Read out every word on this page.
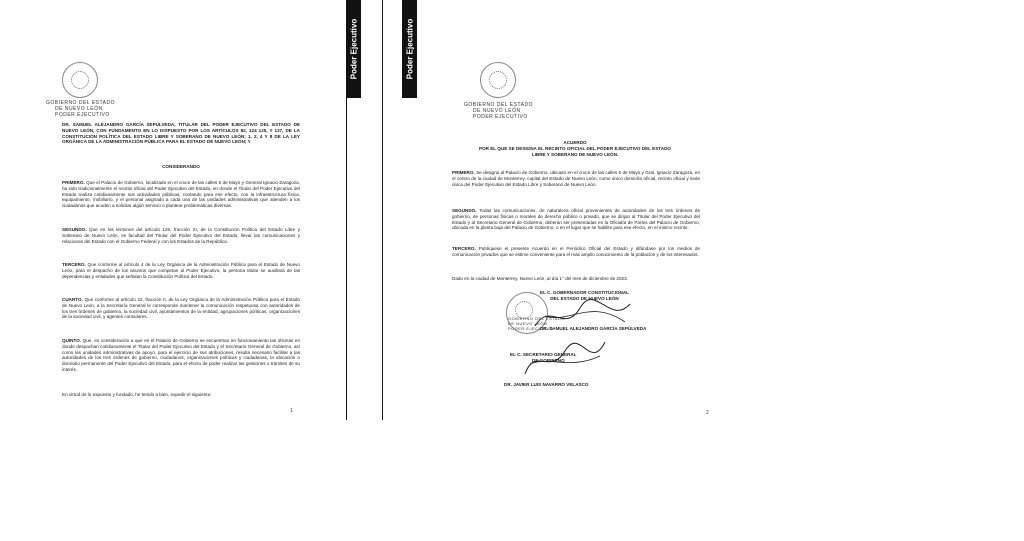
GOBIERNO DEL ESTADO
DE NUEVO LEÓN
PODER EJECUTIVO
DR. SAMUEL ALEJANDRO GARCÍA SEPÚLVEDA, TITULAR DEL PODER EJECUTIVO DEL ESTADO DE NUEVO LEÓN, CON FUNDAMENTO EN LO DISPUESTO POR LOS ARTÍCULOS 82, 124 125, Y 127, DE LA CONSTITUCIÓN POLÍTICA DEL ESTADO LIBRE Y SOBERANO DE NUEVO LEÓN; 1, 2, 4 Y 8 DE LA LEY ORGÁNICA DE LA ADMINISTRACIÓN PÚBLICA PARA EL ESTADO DE NUEVO LEÓN; Y
CONSIDERANDO
PRIMERO. Que el Palacio de Gobierno, localizado en el cruce de las calles 5 de Mayo y General Ignacio Zaragoza, ha sido tradicionalmente el recinto oficial del Poder Ejecutivo del Estado, en donde el Titular del Poder Ejecutivo del Estado realiza cotidianamente sus actividades públicas, contando para ese efecto, con la infraestructura física, equipamiento, mobiliario, y el personal asignado a cada una de las unidades administrativas que atienden a los ciudadanos que acuden a solicitar algún servicio o plantear problemáticas diversas.
SEGUNDO. Que en los términos del artículo 125, fracción XI, de la Constitución Política del Estado Libre y Soberano de Nuevo León, es facultad del Titular del Poder Ejecutivo del Estado, llevar las comunicaciones y relaciones del Estado con el Gobierno Federal y con los Estados de la República.
TERCERO. Que conforme al artículo 4 de la Ley Orgánica de la Administración Pública para el Estado de Nuevo León, para el despacho de los asuntos que competan al Poder Ejecutivo, la persona titular se auxiliará de las dependencias y entidades que señalan la Constitución Política del Estado.
CUARTO. Que conforme al artículo 22, fracción II, de la Ley Orgánica de la Administración Pública para el Estado de Nuevo León, a la Secretaría General le corresponde mantener la comunicación respetuosa con autoridades de los tres órdenes de gobierno, la sociedad civil, ayuntamientos de la entidad, agrupaciones políticas, organizaciones de la sociedad civil, y agentes consulares.
QUINTO. Que, en consideración a que en el Palacio de Gobierno se encuentran en funcionamiento las oficinas en donde despachan cotidianamente el Titular del Poder Ejecutivo del Estado y el Secretario General de Gobierno, así como las unidades administrativas de apoyo, para el ejercicio de sus atribuciones, resulta necesario facilitar a las autoridades de los tres órdenes de gobierno, ciudadanos, organizaciones políticas y ciudadanas, la ubicación o domicilio permanente del Poder Ejecutivo del Estado, para el efecto de poder realizar las gestiones o trámites de su interés.
En virtud de lo expuesto y fundado, he tenido a bien, expedir el siguiente:
1
Poder Ejecutivo	Poder Ejecutivo
GOBIERNO DEL ESTADO
DE NUEVO LEÓN
PODER EJECUTIVO
ACUERDO
POR EL QUE SE DESIGNA EL RECINTO OFICIAL DEL PODER EJECUTIVO DEL ESTADO
LIBRE Y SOBERANO DE NUEVO LEÓN.
PRIMERO. Se designa al Palacio de Gobierno, ubicado en el cruce de las calles 5 de Mayo y Gral. Ignacio Zaragoza, en el centro de la ciudad de Monterrey, capital del Estado de Nuevo León, como único domicilio oficial, recinto oficial y sede única del Poder Ejecutivo del Estado Libre y Soberano de Nuevo León.
SEGUNDO. Todas las comunicaciones, de naturaleza oficial provenientes de autoridades de los tres órdenes de gobierno, de personas físicas o morales de derecho público o privado, que se dirijan al Titular del Poder Ejecutivo del Estado y al Secretario General de Gobierno, deberán ser presentadas en la Oficialía de Partes del Palacio de Gobierno, ubicada en la planta baja del Palacio de Gobierno, o en el lugar que se habilite para ese efecto, en el mismo recinto.
TERCERO. Publíquese el presente Acuerdo en el Periódico Oficial del Estado y difúndase por los medios de comunicación privados que se estime conveniente para el más amplio conocimiento de la población y de los interesados.
Dado en la ciudad de Monterrey, Nuevo León, al día 1° del mes de diciembre de 2023.
EL C. GOBERNADOR CONSTITUCIONAL
DEL ESTADO DE NUEVO LEÓN
GOBIERNO DEL ESTADO
DE NUEVO LEÓN
PODER EJECUTIVO
DR. SAMUEL ALEJANDRO GARCÍA SEPÚLVEDA
EL C. SECRETARIO GENERAL
DE GOBIERNO
DR. JAVIER LUIS NAVARRO VELASCO
2
